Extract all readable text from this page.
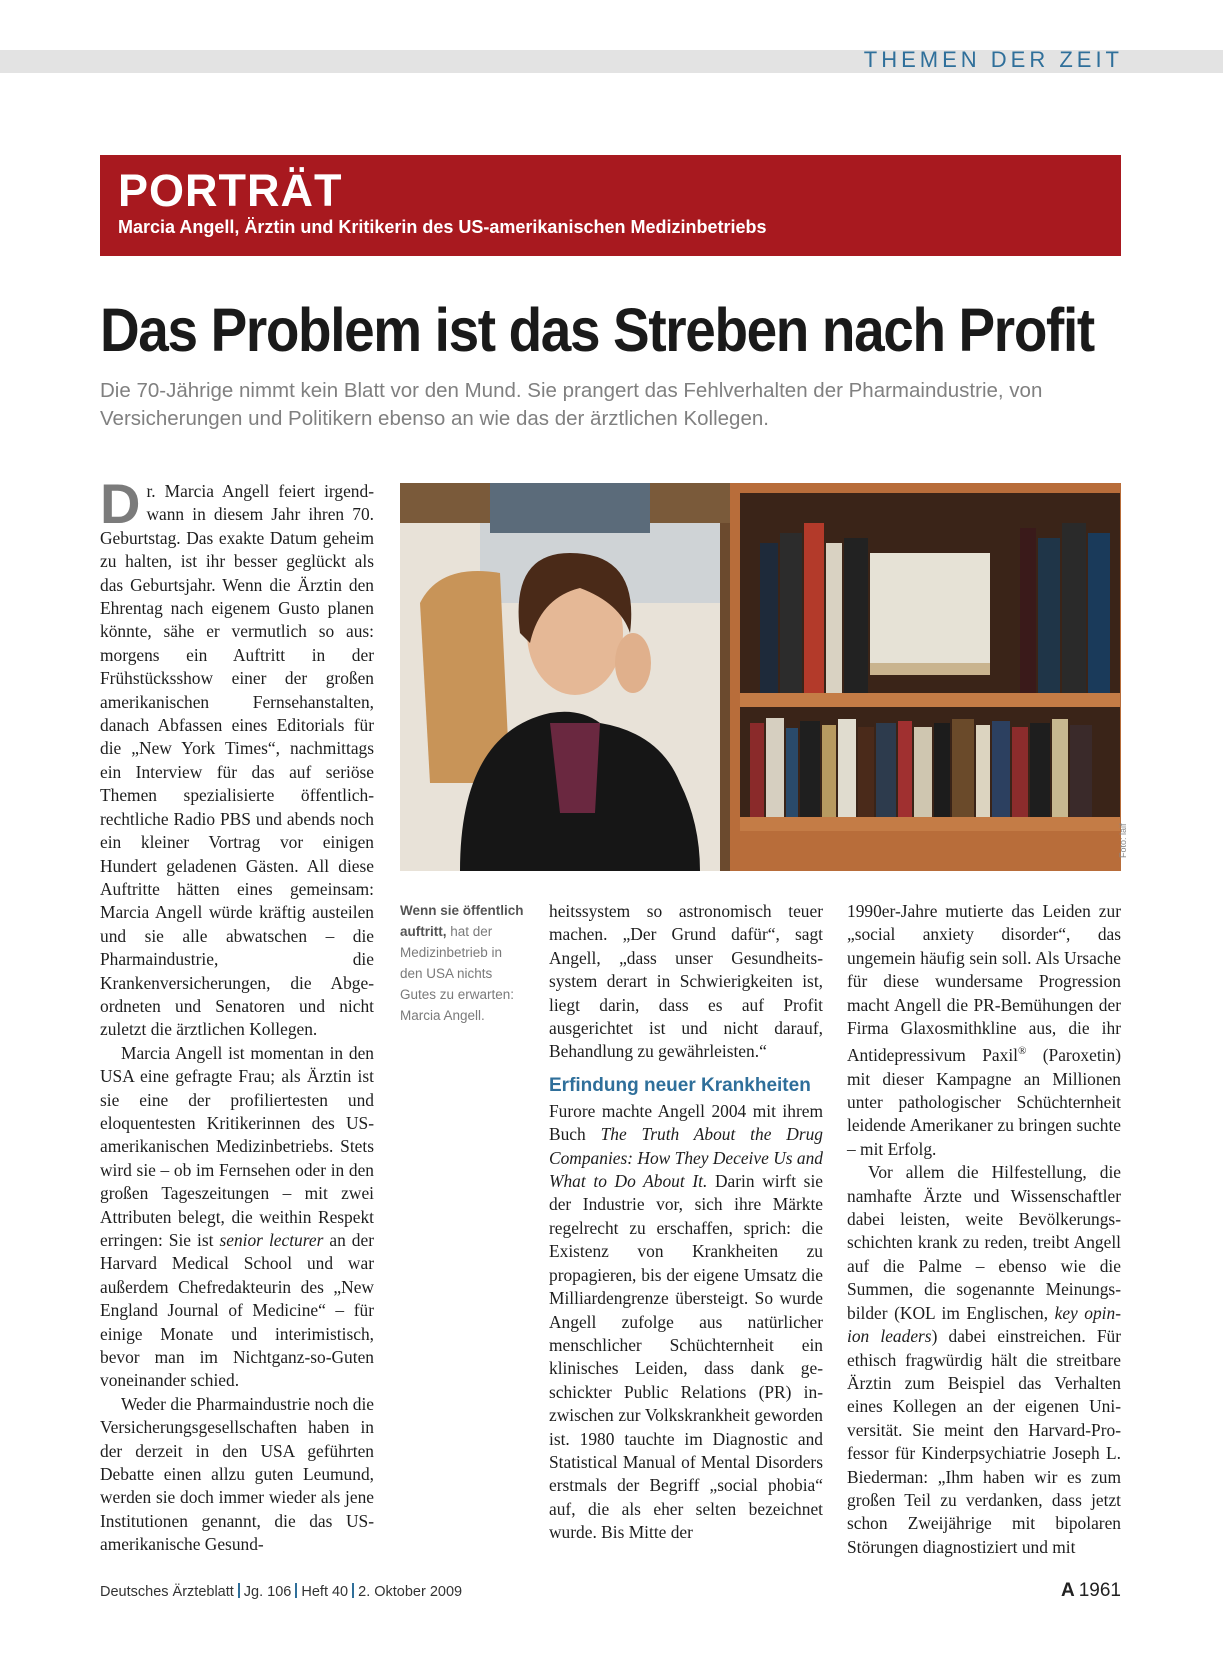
THEMEN DER ZEIT
PORTRÄT
Marcia Angell, Ärztin und Kritikerin des US-amerikanischen Medizinbetriebs
Das Problem ist das Streben nach Profit

Die 70-Jährige nimmt kein Blatt vor den Mund. Sie prangert das Fehlverhalten der Pharmaindustrie, von Versicherungen und Politikern ebenso an wie das der ärztlichen Kollegen.

Dr. Marcia Angell feiert irgendwann in diesem Jahr ihren 70. Geburtstag. Das exakte Datum geheim zu halten, ist ihr besser geglückt als das Geburtsjahr. Wenn die Ärztin den Ehrentag nach eigenem Gusto planen könnte, sähe er vermutlich so aus: morgens ein Auftritt in der Frühstücksshow einer der großen amerikanischen Fernsehanstalten, danach Abfassen eines Editorials für die „New York Times“, nachmittags ein Interview für das auf seriöse Themen spezialisierte öffentlich-rechtliche Radio PBS und abends noch ein kleiner Vortrag vor einigen Hundert geladenen Gästen. All diese Auftritte hätten eines gemeinsam: Marcia Angell würde kräftig austeilen und sie alle abwatschen – die Pharmaindustrie, die Krankenversicherungen, die Abgeordneten und Senatoren und nicht zuletzt die ärztlichen Kollegen.

Marcia Angell ist momentan in den USA eine gefragte Frau; als Ärztin ist sie eine der profiliertesten und eloquentesten Kritikerinnen des US-amerikanischen Medizinbetriebs. Stets wird sie – ob im Fernsehen oder in den großen Tageszeitungen – mit zwei Attributen belegt, die weithin Respekt erringen: Sie ist senior lecturer an der Harvard Medical School und war außerdem Chefredakteurin des „New England Journal of Medicine“ – für einige Monate und interimistisch, bevor man im Nichtganz-so-Guten voneinander schied.

Weder die Pharmaindustrie noch die Versicherungsgesellschaften haben in der derzeit in den USA geführten Debatte einen allzu guten Leumund, werden sie doch immer wieder als jene Institutionen genannt, die das US-amerikanische Gesund-

Foto: laif
Wenn sie öffentlich auftritt, hat der Medizinbetrieb in den USA nichts Gutes zu erwarten: Marcia Angell.

heitssystem so astronomisch teuer machen. „Der Grund dafür“, sagt Angell, „dass unser Gesundheitssystem derart in Schwierigkeiten ist, liegt darin, dass es auf Profit ausgerichtet ist und nicht darauf, Behandlung zu gewährleisten.“

Erfindung neuer Krankheiten

Furore machte Angell 2004 mit ihrem Buch The Truth About the Drug Companies: How They Deceive Us and What to Do About It. Darin wirft sie der Industrie vor, sich ihre Märkte regelrecht zu erschaffen, sprich: die Existenz von Krankheiten zu propagieren, bis der eigene Umsatz die Milliardengrenze übersteigt. So wurde Angell zufolge aus natürlicher menschlicher Schüchternheit ein klinisches Leiden, dass dank geschickter Public Relations (PR) inzwischen zur Volkskrankheit geworden ist. 1980 tauchte im Diagnostic and Statistical Manual of Mental Disorders erstmals der Begriff „social phobia“ auf, die als eher selten bezeichnet wurde. Bis Mitte der

1990er-Jahre mutierte das Leiden zur „social anxiety disorder“, das ungemein häufig sein soll. Als Ursache für diese wundersame Progression macht Angell die PR-Bemühungen der Firma Glaxosmithkline aus, die ihr Antidepressivum Paxil® (Paroxetin) mit dieser Kampagne an Millionen unter pathologischer Schüchternheit leidende Amerikaner zu bringen suchte – mit Erfolg.

Vor allem die Hilfestellung, die namhafte Ärzte und Wissenschaftler dabei leisten, weite Bevölkerungsschichten krank zu reden, treibt Angell auf die Palme – ebenso wie die Summen, die sogenannte Meinungsbilder (KOL im Englischen, key opinion leaders) dabei einstreichen. Für ethisch fragwürdig hält die streitbare Ärztin zum Beispiel das Verhalten eines Kollegen an der eigenen Universität. Sie meint den Harvard-Professor für Kinderpsychiatrie Joseph L. Biederman: „Ihm haben wir es zum großen Teil zu verdanken, dass jetzt schon Zweijährige mit bipolaren Störungen diagnostiziert und mit

Deutsches Ärzteblatt Jg. 106 Heft 40 2. Oktober 2009	A 1961
